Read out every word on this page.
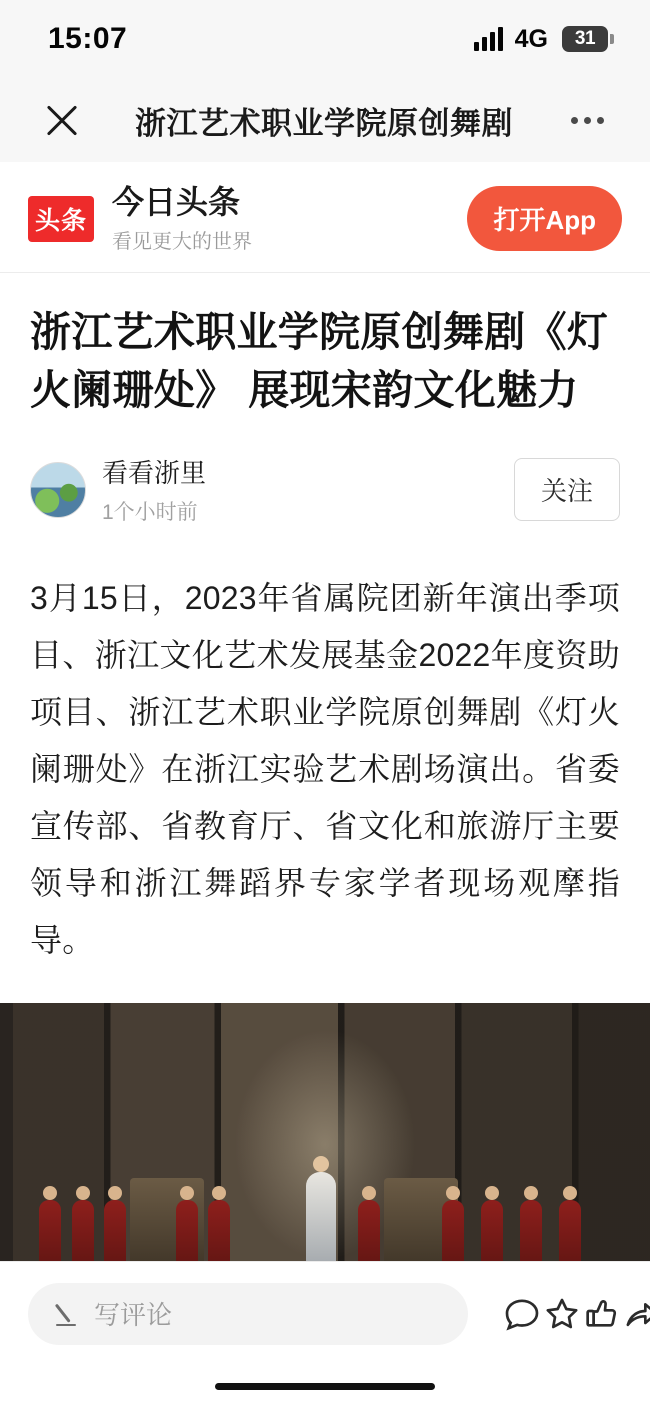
15:07	4G 31
浙江艺术职业学院原创舞剧
头条
今日头条
看见更大的世界
打开App
浙江艺术职业学院原创舞剧《灯火阑珊处》 展现宋韵文化魅力
看看浙里
1个小时前
关注

3月15日，2023年省属院团新年演出季项目、浙江文化艺术发展基金2022年度资助项目、浙江艺术职业学院原创舞剧《灯火阑珊处》在浙江实验艺术剧场演出。省委宣传部、省教育厅、省文化和旅游厅主要领导和浙江舞蹈界专家学者现场观摩指导。

写评论
